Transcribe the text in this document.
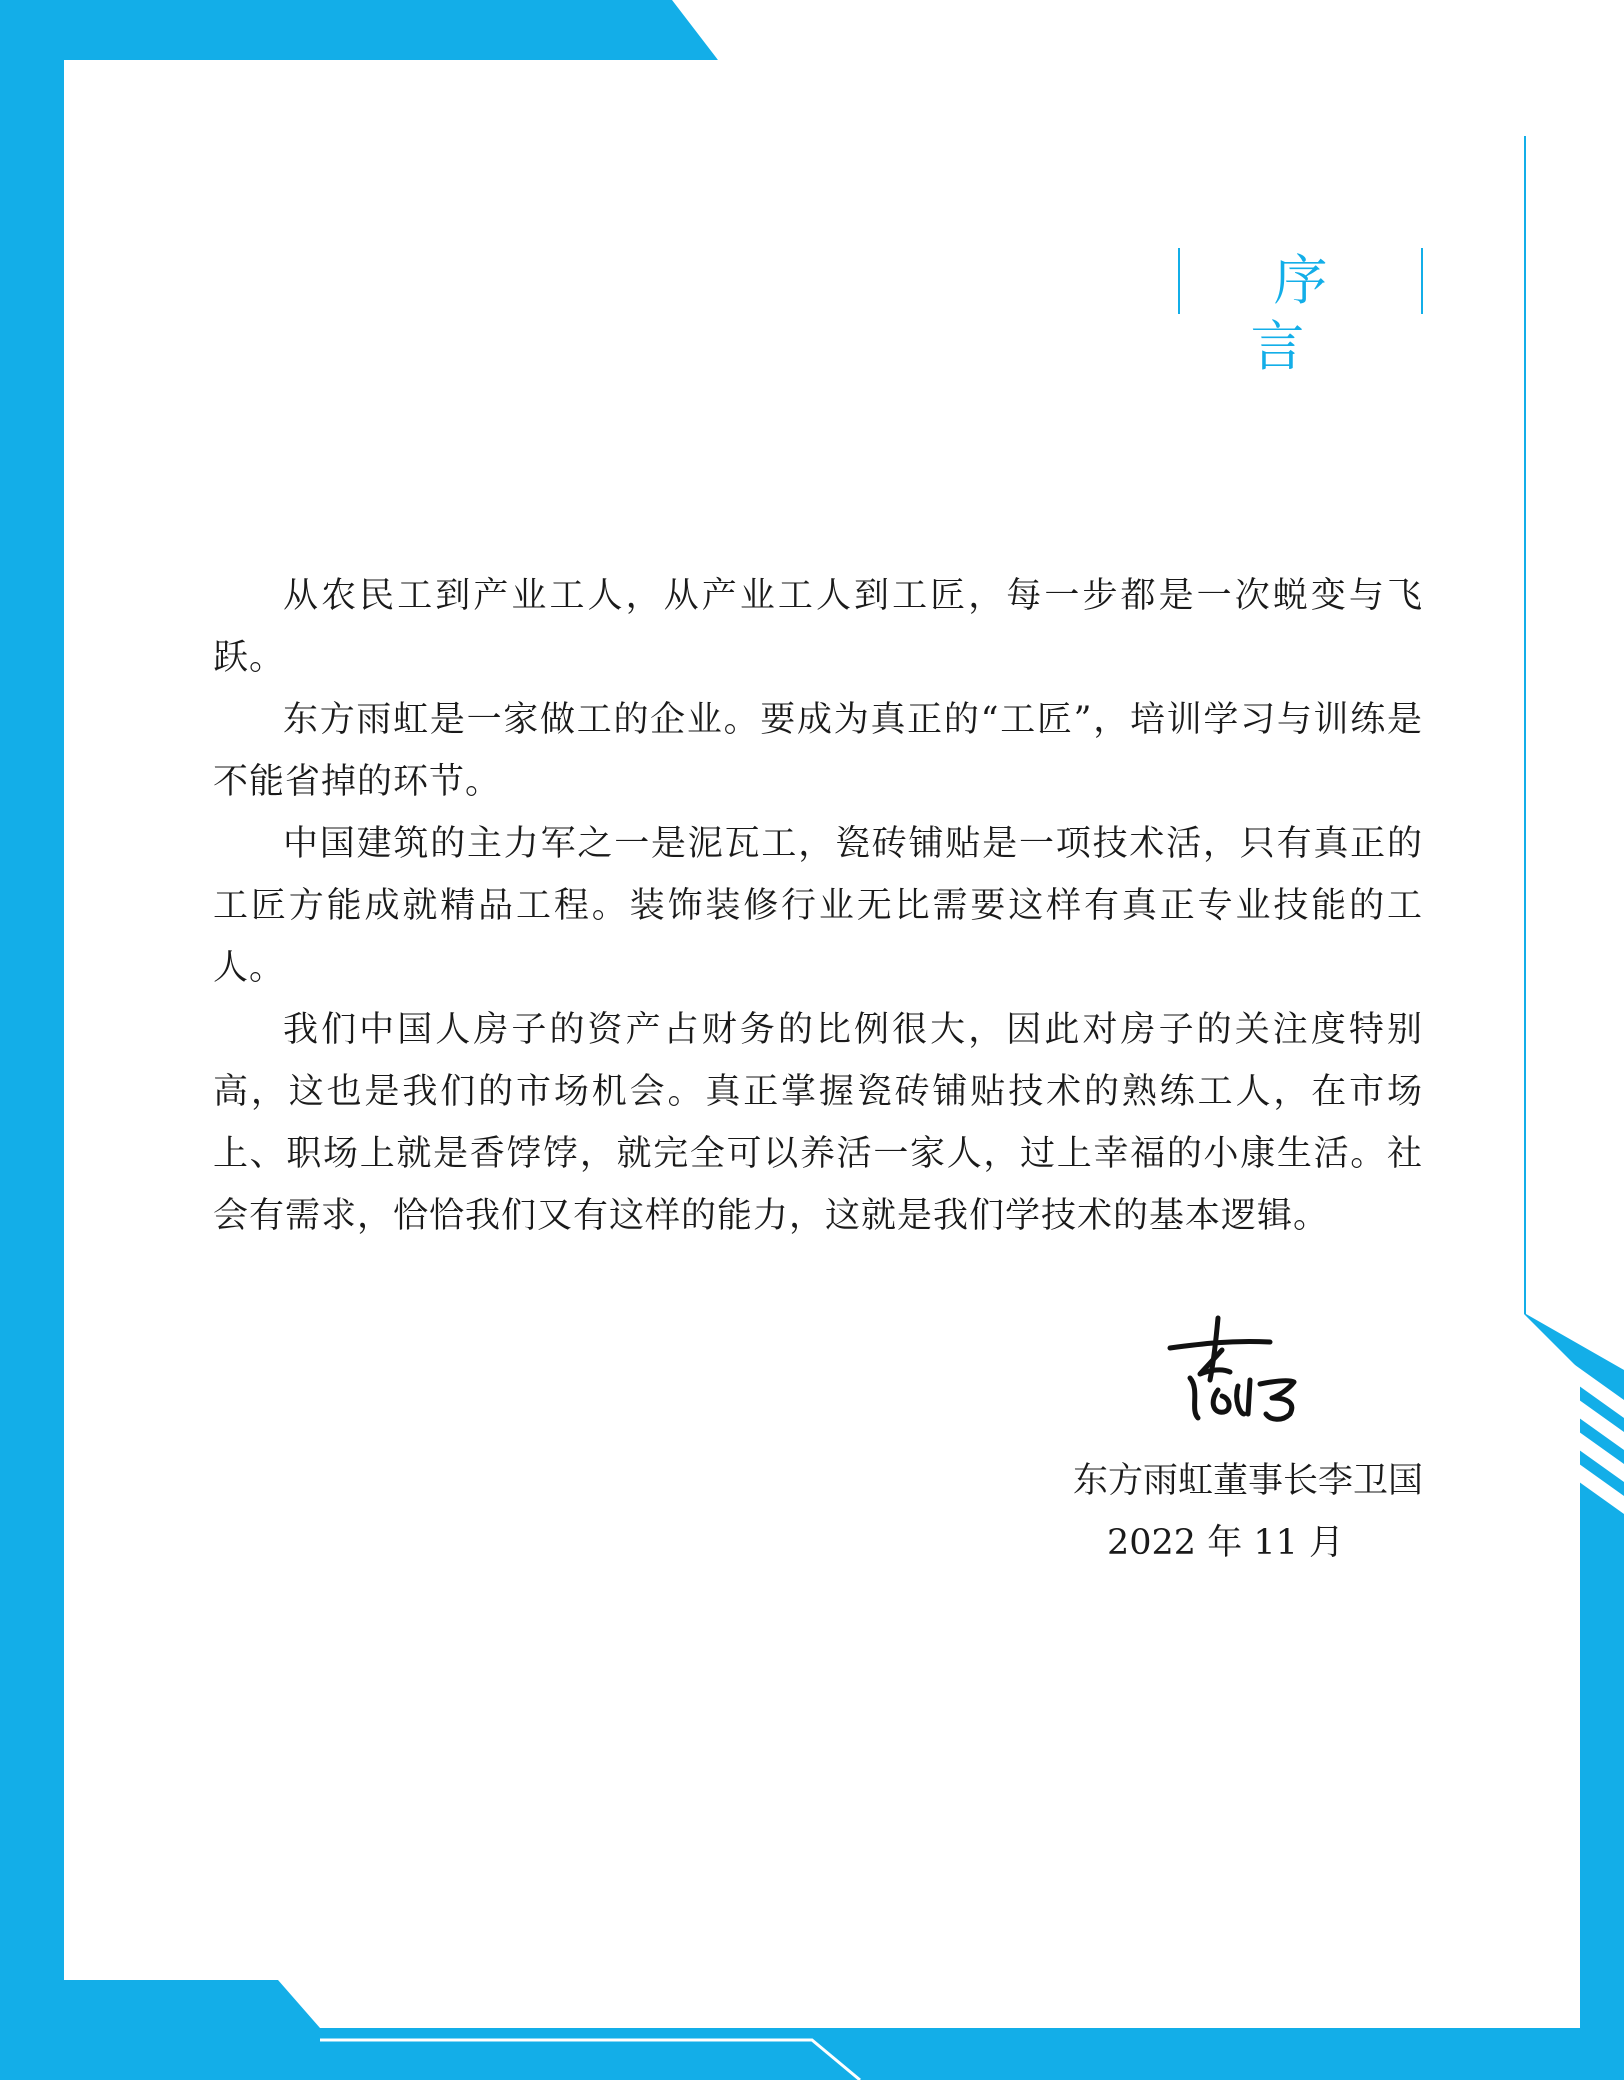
序言

从农民工到产业工人，从产业工人到工匠，每一步都是一次蜕变与飞跃。

东方雨虹是一家做工的企业。要成为真正的“工匠”，培训学习与训练是不能省掉的环节。

中国建筑的主力军之一是泥瓦工，瓷砖铺贴是一项技术活，只有真正的工匠方能成就精品工程。装饰装修行业无比需要这样有真正专业技能的工人。

我们中国人房子的资产占财务的比例很大，因此对房子的关注度特别高，这也是我们的市场机会。真正掌握瓷砖铺贴技术的熟练工人，在市场上、职场上就是香饽饽，就完全可以养活一家人，过上幸福的小康生活。社会有需求，恰恰我们又有这样的能力，这就是我们学技术的基本逻辑。

东方雨虹董事长李卫国
2022 年 11 月
